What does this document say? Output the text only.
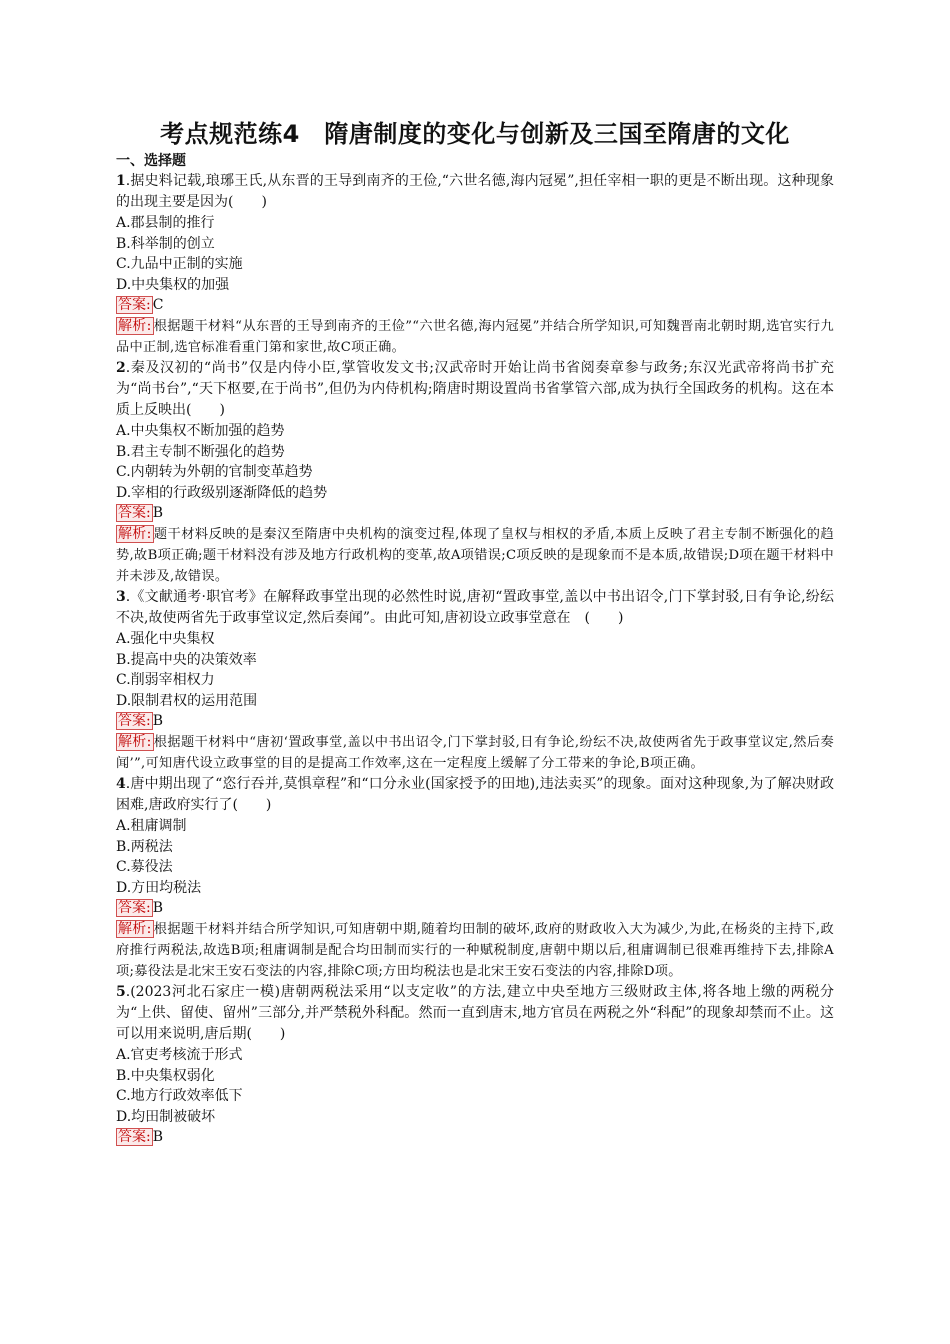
考点规范练4　隋唐制度的变化与创新及三国至隋唐的文化

一、选择题

1.据史料记载,琅琊王氏,从东晋的王导到南齐的王俭,“六世名德,海内冠冕”,担任宰相一职的更是不断出现。这种现象的出现主要是因为(　　)

A.郡县制的推行

B.科举制的创立

C.九品中正制的实施

D.中央集权的加强

答案: C

解析: 根据题干材料“从东晋的王导到南齐的王俭”“六世名德,海内冠冕”并结合所学知识,可知魏晋南北朝时期,选官实行九品中正制,选官标准看重门第和家世,故C项正确。

2.秦及汉初的“尚书”仅是内侍小臣,掌管收发文书;汉武帝时开始让尚书省阅奏章参与政务;东汉光武帝将尚书扩充为“尚书台”,“天下枢要,在于尚书”,但仍为内侍机构;隋唐时期设置尚书省掌管六部,成为执行全国政务的机构。这在本质上反映出(　　)

A.中央集权不断加强的趋势

B.君主专制不断强化的趋势

C.内朝转为外朝的官制变革趋势

D.宰相的行政级别逐渐降低的趋势

答案: B

解析: 题干材料反映的是秦汉至隋唐中央机构的演变过程,体现了皇权与相权的矛盾,本质上反映了君主专制不断强化的趋势,故B项正确;题干材料没有涉及地方行政机构的变革,故A项错误;C项反映的是现象而不是本质,故错误;D项在题干材料中并未涉及,故错误。

3.《文献通考·职官考》在解释政事堂出现的必然性时说,唐初“置政事堂,盖以中书出诏令,门下掌封驳,日有争论,纷纭不决,故使两省先于政事堂议定,然后奏闻”。由此可知,唐初设立政事堂意在　(　　)

A.强化中央集权

B.提高中央的决策效率

C.削弱宰相权力

D.限制君权的运用范围

答案: B

解析: 根据题干材料中“唐初‘置政事堂,盖以中书出诏令,门下掌封驳,日有争论,纷纭不决,故使两省先于政事堂议定,然后奏闻’”,可知唐代设立政事堂的目的是提高工作效率,这在一定程度上缓解了分工带来的争论,B项正确。

4.唐中期出现了“恣行吞并,莫惧章程”和“口分永业(国家授予的田地),违法卖买”的现象。面对这种现象,为了解决财政困难,唐政府实行了(　　)

A.租庸调制

B.两税法

C.募役法

D.方田均税法

答案: B

解析: 根据题干材料并结合所学知识,可知唐朝中期,随着均田制的破坏,政府的财政收入大为减少,为此,在杨炎的主持下,政府推行两税法,故选B项;租庸调制是配合均田制而实行的一种赋税制度,唐朝中期以后,租庸调制已很难再维持下去,排除A项;募役法是北宋王安石变法的内容,排除C项;方田均税法也是北宋王安石变法的内容,排除D项。

5.(2023河北石家庄一模)唐朝两税法采用“以支定收”的方法,建立中央至地方三级财政主体,将各地上缴的两税分为“上供、留使、留州”三部分,并严禁税外科配。然而一直到唐末,地方官员在两税之外“科配”的现象却禁而不止。这可以用来说明,唐后期(　　)

A.官吏考核流于形式

B.中央集权弱化

C.地方行政效率低下

D.均田制被破坏

答案: B
